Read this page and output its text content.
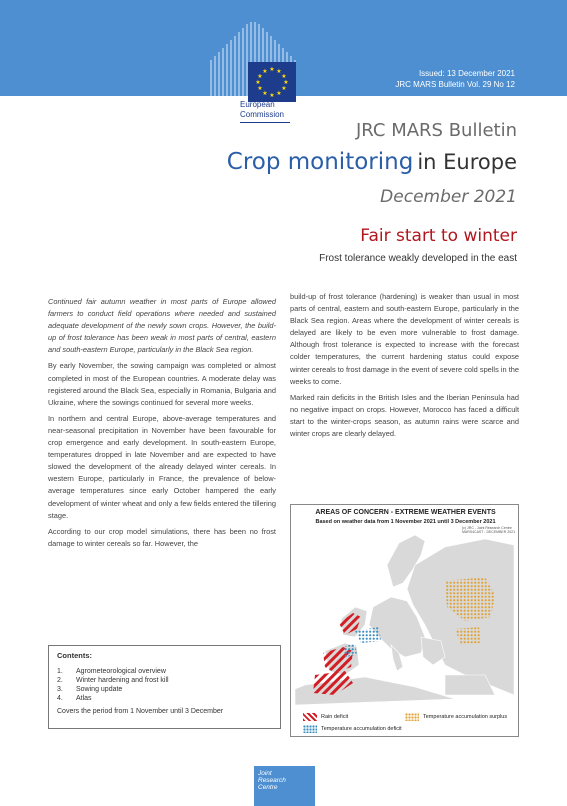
★ ★
★
★
★
★
★
★
★
★
★
★
European
Commission
Issued: 13 December 2021
JRC MARS Bulletin Vol. 29 No 12
JRC MARS Bulletin
Crop monitoring in Europe
December 2021
Fair start to winter
Frost tolerance weakly developed in the east

Continued fair autumn weather in most parts of Europe allowed farmers to conduct field operations where needed and sustained adequate development of the newly sown crops. However, the build-up of frost tolerance has been weak in most parts of central, eastern and south-eastern Europe, particularly in the Black Sea region.

By early November, the sowing campaign was completed or almost completed in most of the European countries. A moderate delay was registered around the Black Sea, especially in Romania, Bulgaria and Ukraine, where the sowings continued for several more weeks.

In northern and central Europe, above-average temperatures and near-seasonal precipitation in November have been favourable for crop emergence and early development. In south-eastern Europe, temperatures dropped in late November and are expected to have slowed the development of the already delayed winter cereals. In western Europe, particularly in France, the prevalence of below-average temperatures since early October hampered the early development of winter wheat and only a few fields entered the tillering stage.

According to our crop model simulations, there has been no frost damage to winter cereals so far. However, the

build-up of frost tolerance (hardening) is weaker than usual in most parts of central, eastern and south-eastern Europe, particularly in the Black Sea region. Areas where the development of winter cereals is delayed are likely to be even more vulnerable to frost damage. Although frost tolerance is expected to increase with the forecast colder temperatures, the current hardening status could expose winter cereals to frost damage in the event of severe cold spells in the weeks to come.

Marked rain deficits in the British Isles and the Iberian Peninsula had no negative impact on crops. However, Morocco has faced a difficult start to the winter-crops season, as autumn rains were scarce and winter crops are clearly delayed.

Contents:
1.	Agrometeorological overview
2.	Winter hardening and frost kill
3.	Sowing update
4.	Atlas
Covers the period from 1 November until 3 December
AREAS OF CONCERN - EXTREME WEATHER EVENTS
Based on weather data from 1 November 2021 until 3 December 2021
(c) JRC - Joint Research Centre
MARS4CAST - DECEMBER 2021
Rain deficit	Temperature accumulation surplus
Temperature accumulation deficit
Joint
Research
Centre
